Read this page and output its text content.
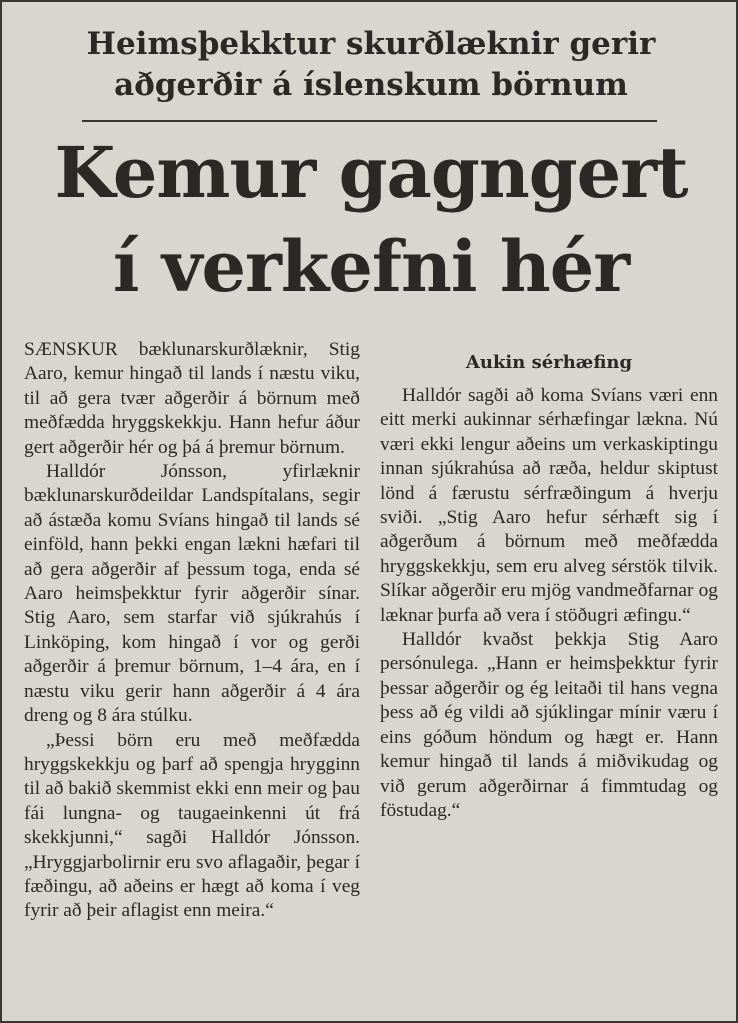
Heimsþekktur skurðlæknir gerir
aðgerðir á íslenskum börnum
Kemur gagngert
í verkefni hér

SÆNSKUR bæklunarskurðlæknir, Stig Aaro, kemur hingað til lands í næstu viku, til að gera tvær aðgerðir á börnum með meðfædda hryggskekkju. Hann hefur áður gert aðgerðir hér og þá á þremur börnum.

Halldór Jónsson, yfirlæknir bæklunarskurðdeildar Landspítalans, segir að ástæða komu Svíans hingað til lands sé einföld, hann þekki engan lækni hæfari til að gera aðgerðir af þessum toga, enda sé Aaro heimsþekktur fyrir aðgerðir sínar. Stig Aaro, sem starfar við sjúkrahús í Linköping, kom hingað í vor og gerði aðgerðir á þremur börnum, 1–4 ára, en í næstu viku gerir hann aðgerðir á 4 ára dreng og 8 ára stúlku.

„Þessi börn eru með meðfædda hryggskekkju og þarf að spengja hrygginn til að bakið skemmist ekki enn meir og þau fái lungna- og taugaeinkenni út frá skekkjunni,“ sagði Halldór Jónsson. „Hryggjarbolirnir eru svo aflagaðir, þegar í fæðingu, að aðeins er hægt að koma í veg fyrir að þeir aflagist enn meira.“

Aukin sérhæfing

Halldór sagði að koma Svíans væri enn eitt merki aukinnar sérhæfingar lækna. Nú væri ekki lengur aðeins um verkaskiptingu innan sjúkrahúsa að ræða, heldur skiptust lönd á færustu sérfræðingum á hverju sviði. „Stig Aaro hefur sérhæft sig í aðgerðum á börnum með meðfædda hryggskekkju, sem eru alveg sérstök tilvik. Slíkar aðgerðir eru mjög vandmeðfarnar og læknar þurfa að vera í stöðugri æfingu.“

Halldór kvaðst þekkja Stig Aaro persónulega. „Hann er heimsþekktur fyrir þessar aðgerðir og ég leitaði til hans vegna þess að ég vildi að sjúklingar mínir væru í eins góðum höndum og hægt er. Hann kemur hingað til lands á miðvikudag og við gerum aðgerðirnar á fimmtudag og föstudag.“
